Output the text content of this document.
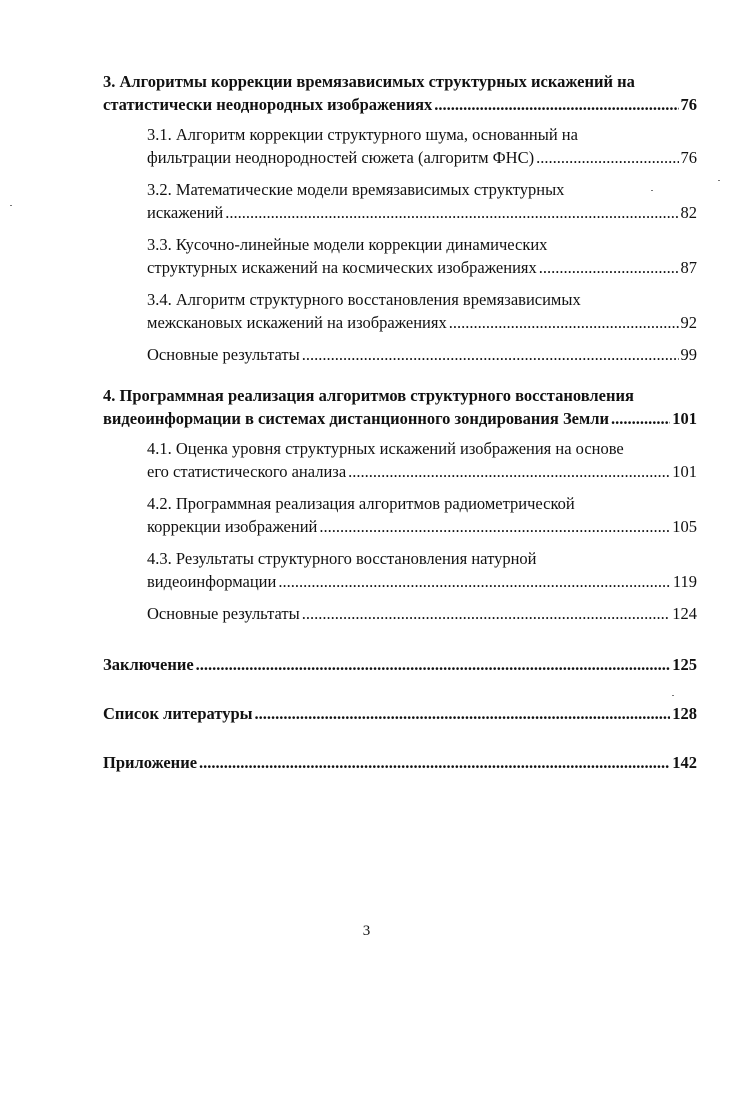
3. Алгоритмы коррекции времязависимых структурных искажений на
статистически неоднородных изображениях .....	76
3.1. Алгоритм коррекции структурного шума, основанный на
фильтрации неоднородностей сюжета (алгоритм ФНС) .....	76
3.2. Математические модели времязависимых структурных
искажений .....	82
3.3. Кусочно-линейные модели коррекции динамических
структурных искажений на космических изображениях .....	87
3.4. Алгоритм структурного восстановления времязависимых
межскановых искажений на изображениях .....	92
Основные результаты .....	99
4. Программная реализация алгоритмов структурного восстановления
видеоинформации в системах дистанционного зондирования Земли .....	101
4.1. Оценка уровня структурных искажений изображения на основе
его статистического анализа .....	101
4.2. Программная реализация алгоритмов радиометрической
коррекции изображений .....	105
4.3. Результаты структурного восстановления натурной
видеоинформации .....	119
Основные результаты .....	124
Заключение .....	125
Список литературы .....	128
Приложение .....	142
3
